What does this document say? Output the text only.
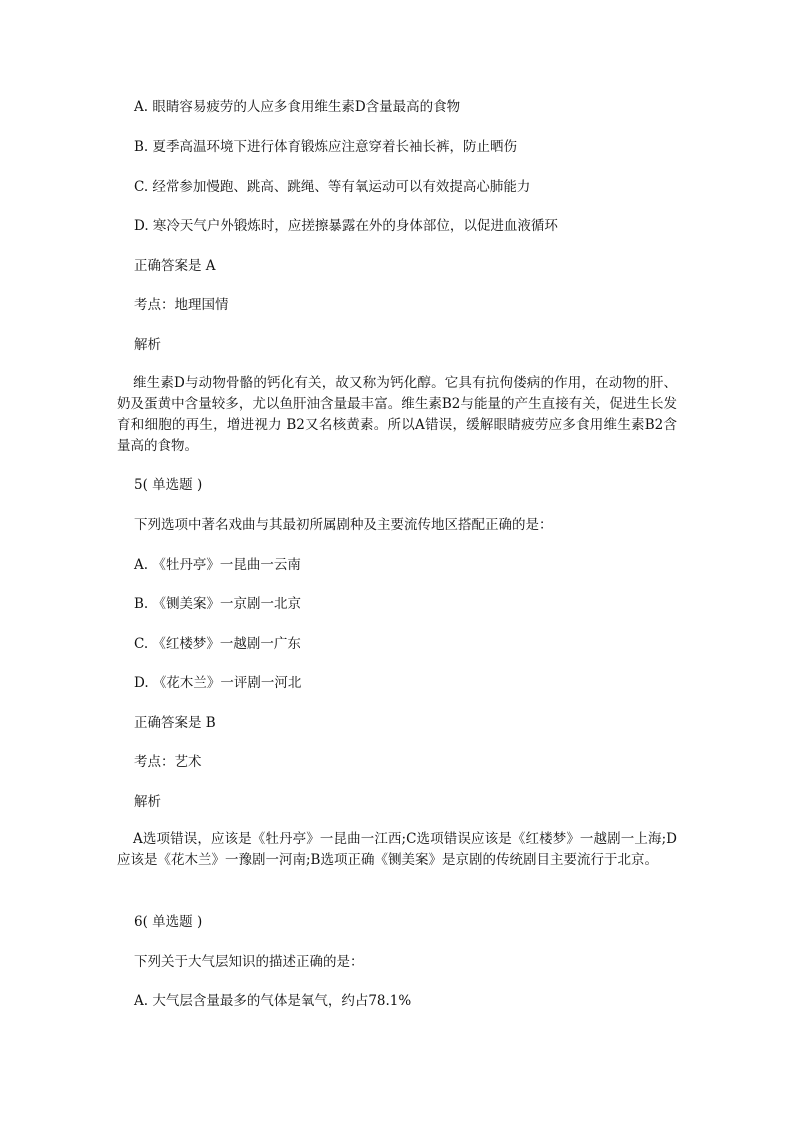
A. 眼睛容易疲劳的人应多食用维生素D含量最高的食物
B. 夏季高温环境下进行体育锻炼应注意穿着长袖长裤，防止晒伤
C. 经常参加慢跑、跳高、跳绳、等有氧运动可以有效提高心肺能力
D. 寒冷天气户外锻炼时，应搓擦暴露在外的身体部位，以促进血液循环
正确答案是 A
考点：地理国情
解析
维生素D与动物骨骼的钙化有关，故又称为钙化醇。它具有抗佝偻病的作用，在动物的肝、奶及蛋黄中含量较多，尤以鱼肝油含量最丰富。维生素B2与能量的产生直接有关，促进生长发育和细胞的再生，增进视力 B2又名核黄素。所以A错误，缓解眼睛疲劳应多食用维生素B2含量高的食物。
5( 单选题 )
下列选项中著名戏曲与其最初所属剧种及主要流传地区搭配正确的是：
A. 《牡丹亭》一昆曲一云南
B. 《铡美案》一京剧一北京
C. 《红楼梦》一越剧一广东
D. 《花木兰》一评剧一河北
正确答案是 B
考点：艺术
解析
A选项错误，应该是《牡丹亭》一昆曲一江西;C选项错误应该是《红楼梦》一越剧一上海;D应该是《花木兰》一豫剧一河南;B选项正确《铡美案》是京剧的传统剧目主要流行于北京。
6( 单选题 )
下列关于大气层知识的描述正确的是：
A. 大气层含量最多的气体是氧气，约占78.1%
